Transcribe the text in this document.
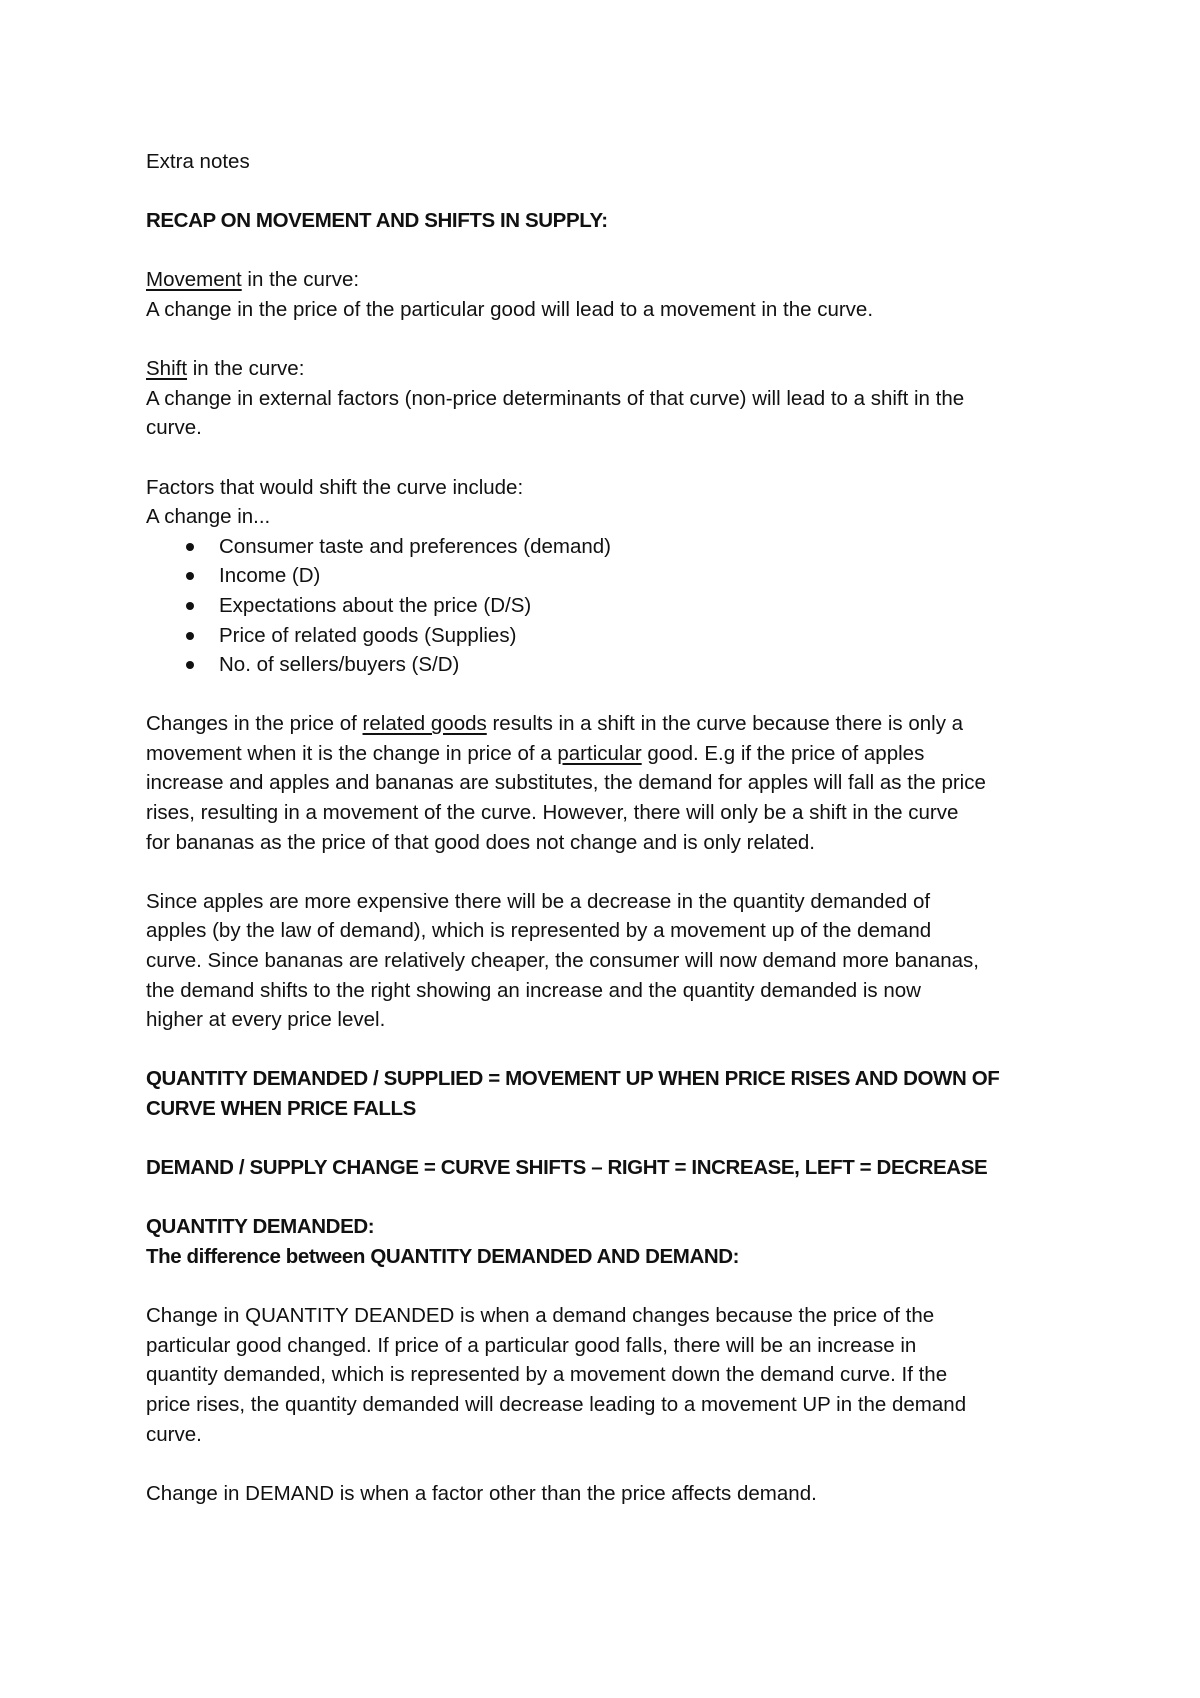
Extra notes

RECAP ON MOVEMENT AND SHIFTS IN SUPPLY:

Movement in the curve:

A change in the price of the particular good will lead to a movement in the curve.

Shift in the curve:

A change in external factors (non-price determinants of that curve) will lead to a shift in the

curve.

Factors that would shift the curve include:

A change in...

Consumer taste and preferences (demand)
Income (D)
Expectations about the price (D/S)
Price of related goods (Supplies)
No. of sellers/buyers (S/D)

Changes in the price of related goods results in a shift in the curve because there is only a

movement when it is the change in price of a particular good. E.g if the price of apples

increase and apples and bananas are substitutes, the demand for apples will fall as the price

rises, resulting in a movement of the curve. However, there will only be a shift in the curve

for bananas as the price of that good does not change and is only related.

Since apples are more expensive there will be a decrease in the quantity demanded of

apples (by the law of demand), which is represented by a movement up of the demand

curve. Since bananas are relatively cheaper, the consumer will now demand more bananas,

the demand shifts to the right showing an increase and the quantity demanded is now

higher at every price level.

QUANTITY DEMANDED / SUPPLIED = MOVEMENT UP WHEN PRICE RISES AND DOWN OF

CURVE WHEN PRICE FALLS

DEMAND / SUPPLY CHANGE = CURVE SHIFTS – RIGHT = INCREASE, LEFT = DECREASE

QUANTITY DEMANDED:

The difference between QUANTITY DEMANDED AND DEMAND:

Change in QUANTITY DEANDED is when a demand changes because the price of the

particular good changed. If price of a particular good falls, there will be an increase in

quantity demanded, which is represented by a movement down the demand curve. If the

price rises, the quantity demanded will decrease leading to a movement UP in the demand

curve.

Change in DEMAND is when a factor other than the price affects demand.
